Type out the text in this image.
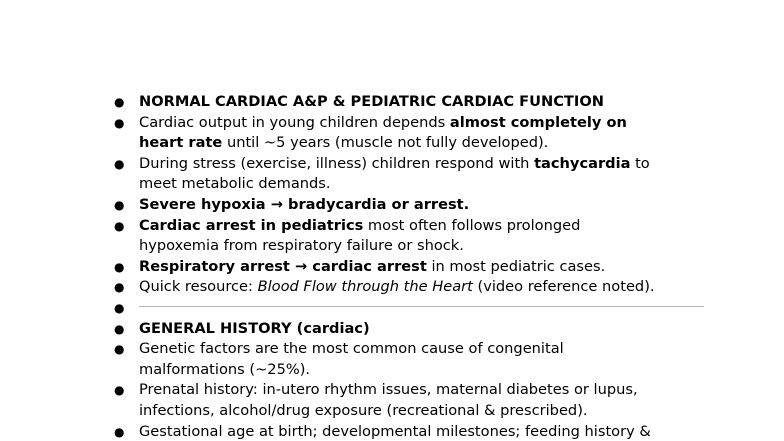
● NORMAL CARDIAC A&P & PEDIATRIC CARDIAC FUNCTION
● Cardiac output in young children depends almost completely on
heart rate until ~5 years (muscle not fully developed).
● During stress (exercise, illness) children respond with tachycardia to
meet metabolic demands.
● Severe hypoxia → bradycardia or arrest.
● Cardiac arrest in pediatrics most often follows prolonged
hypoxemia from respiratory failure or shock.
● Respiratory arrest → cardiac arrest in most pediatric cases.
● Quick resource: Blood Flow through the Heart (video reference noted).
●

● GENERAL HISTORY (cardiac)
● Genetic factors are the most common cause of congenital
malformations (~25%).
● Prenatal history: in-utero rhythm issues, maternal diabetes or lupus,
infections, alcohol/drug exposure (recreational & prescribed).
● Gestational age at birth; developmental milestones; feeding history &
